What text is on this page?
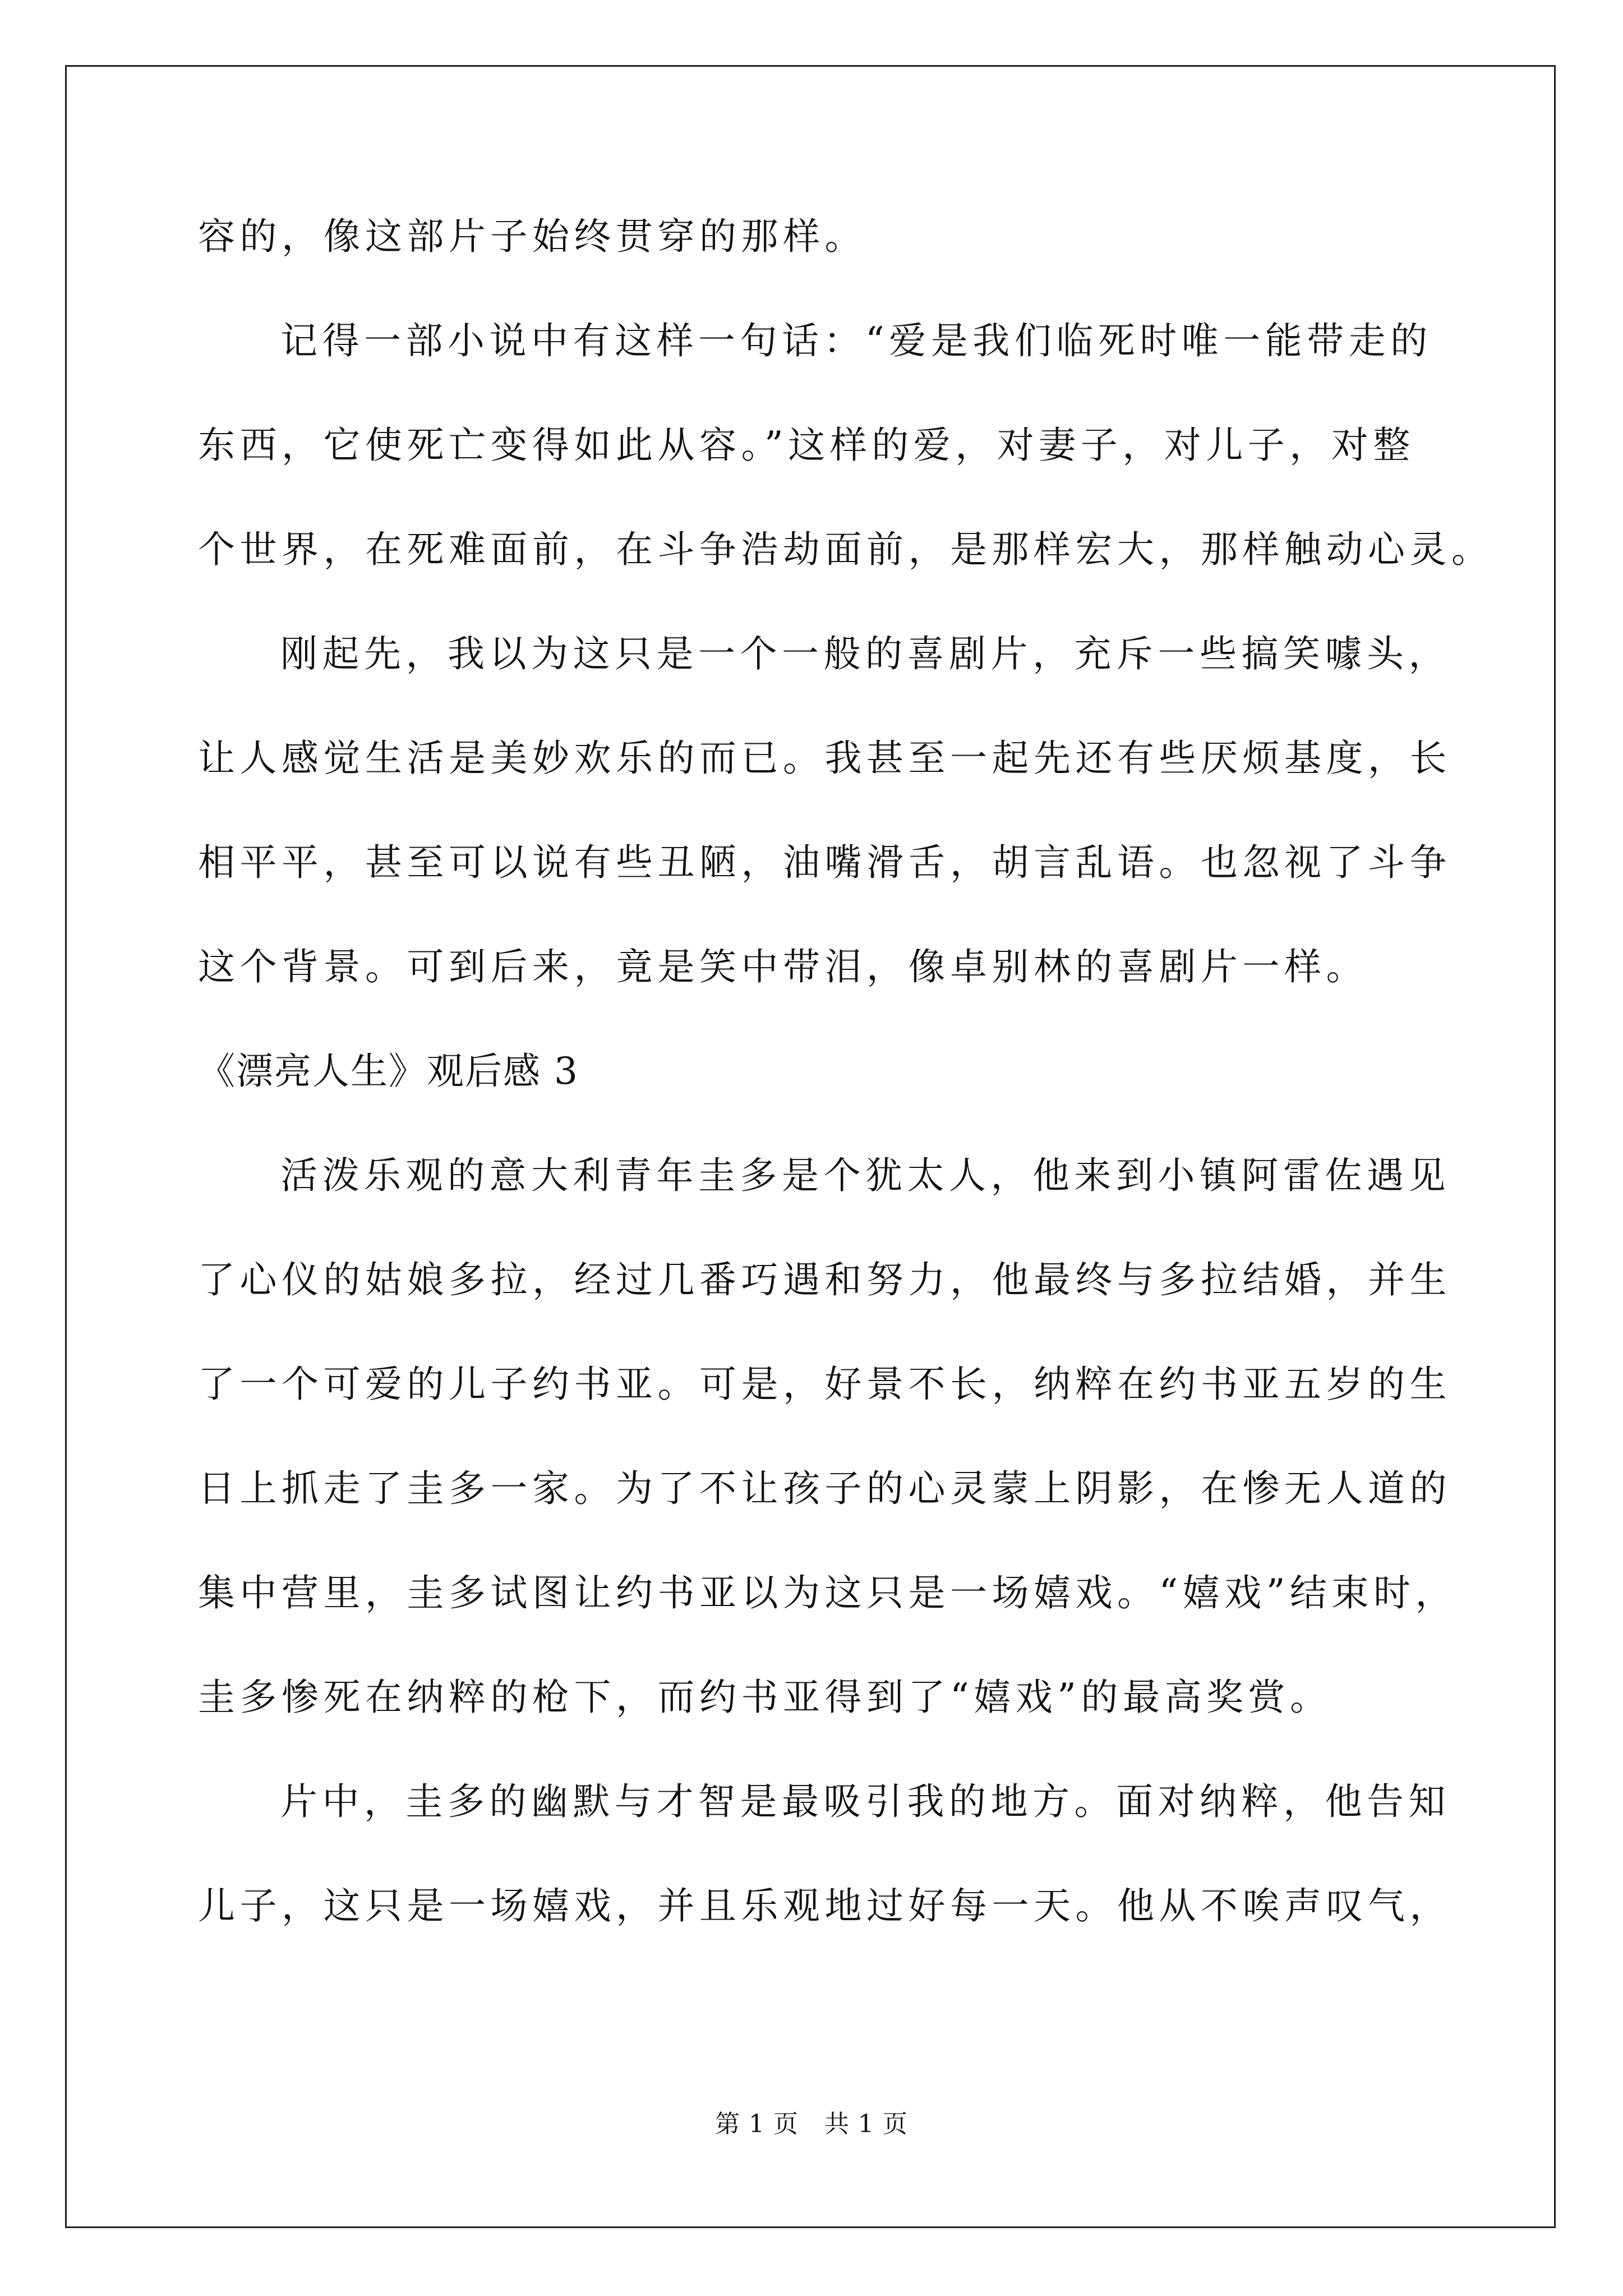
容的，像这部片子始终贯穿的那样。
记得一部小说中有这样一句话：“爱是我们临死时唯一能带走的
东西，它使死亡变得如此从容。”这样的爱，对妻子，对儿子，对整
个世界，在死难面前，在斗争浩劫面前，是那样宏大，那样触动心灵。
刚起先，我以为这只是一个一般的喜剧片，充斥一些搞笑噱头，
让人感觉生活是美妙欢乐的而已。我甚至一起先还有些厌烦基度，长
相平平，甚至可以说有些丑陋，油嘴滑舌，胡言乱语。也忽视了斗争
这个背景。可到后来，竟是笑中带泪，像卓别林的喜剧片一样。
《漂亮人生》观后感 3
活泼乐观的意大利青年圭多是个犹太人，他来到小镇阿雷佐遇见
了心仪的姑娘多拉，经过几番巧遇和努力，他最终与多拉结婚，并生
了一个可爱的儿子约书亚。可是，好景不长，纳粹在约书亚五岁的生
日上抓走了圭多一家。为了不让孩子的心灵蒙上阴影，在惨无人道的
集中营里，圭多试图让约书亚以为这只是一场嬉戏。“嬉戏”结束时，
圭多惨死在纳粹的枪下，而约书亚得到了“嬉戏”的最高奖赏。
片中，圭多的幽默与才智是最吸引我的地方。面对纳粹，他告知
儿子，这只是一场嬉戏，并且乐观地过好每一天。他从不唉声叹气，
第 1 页 共 1 页
